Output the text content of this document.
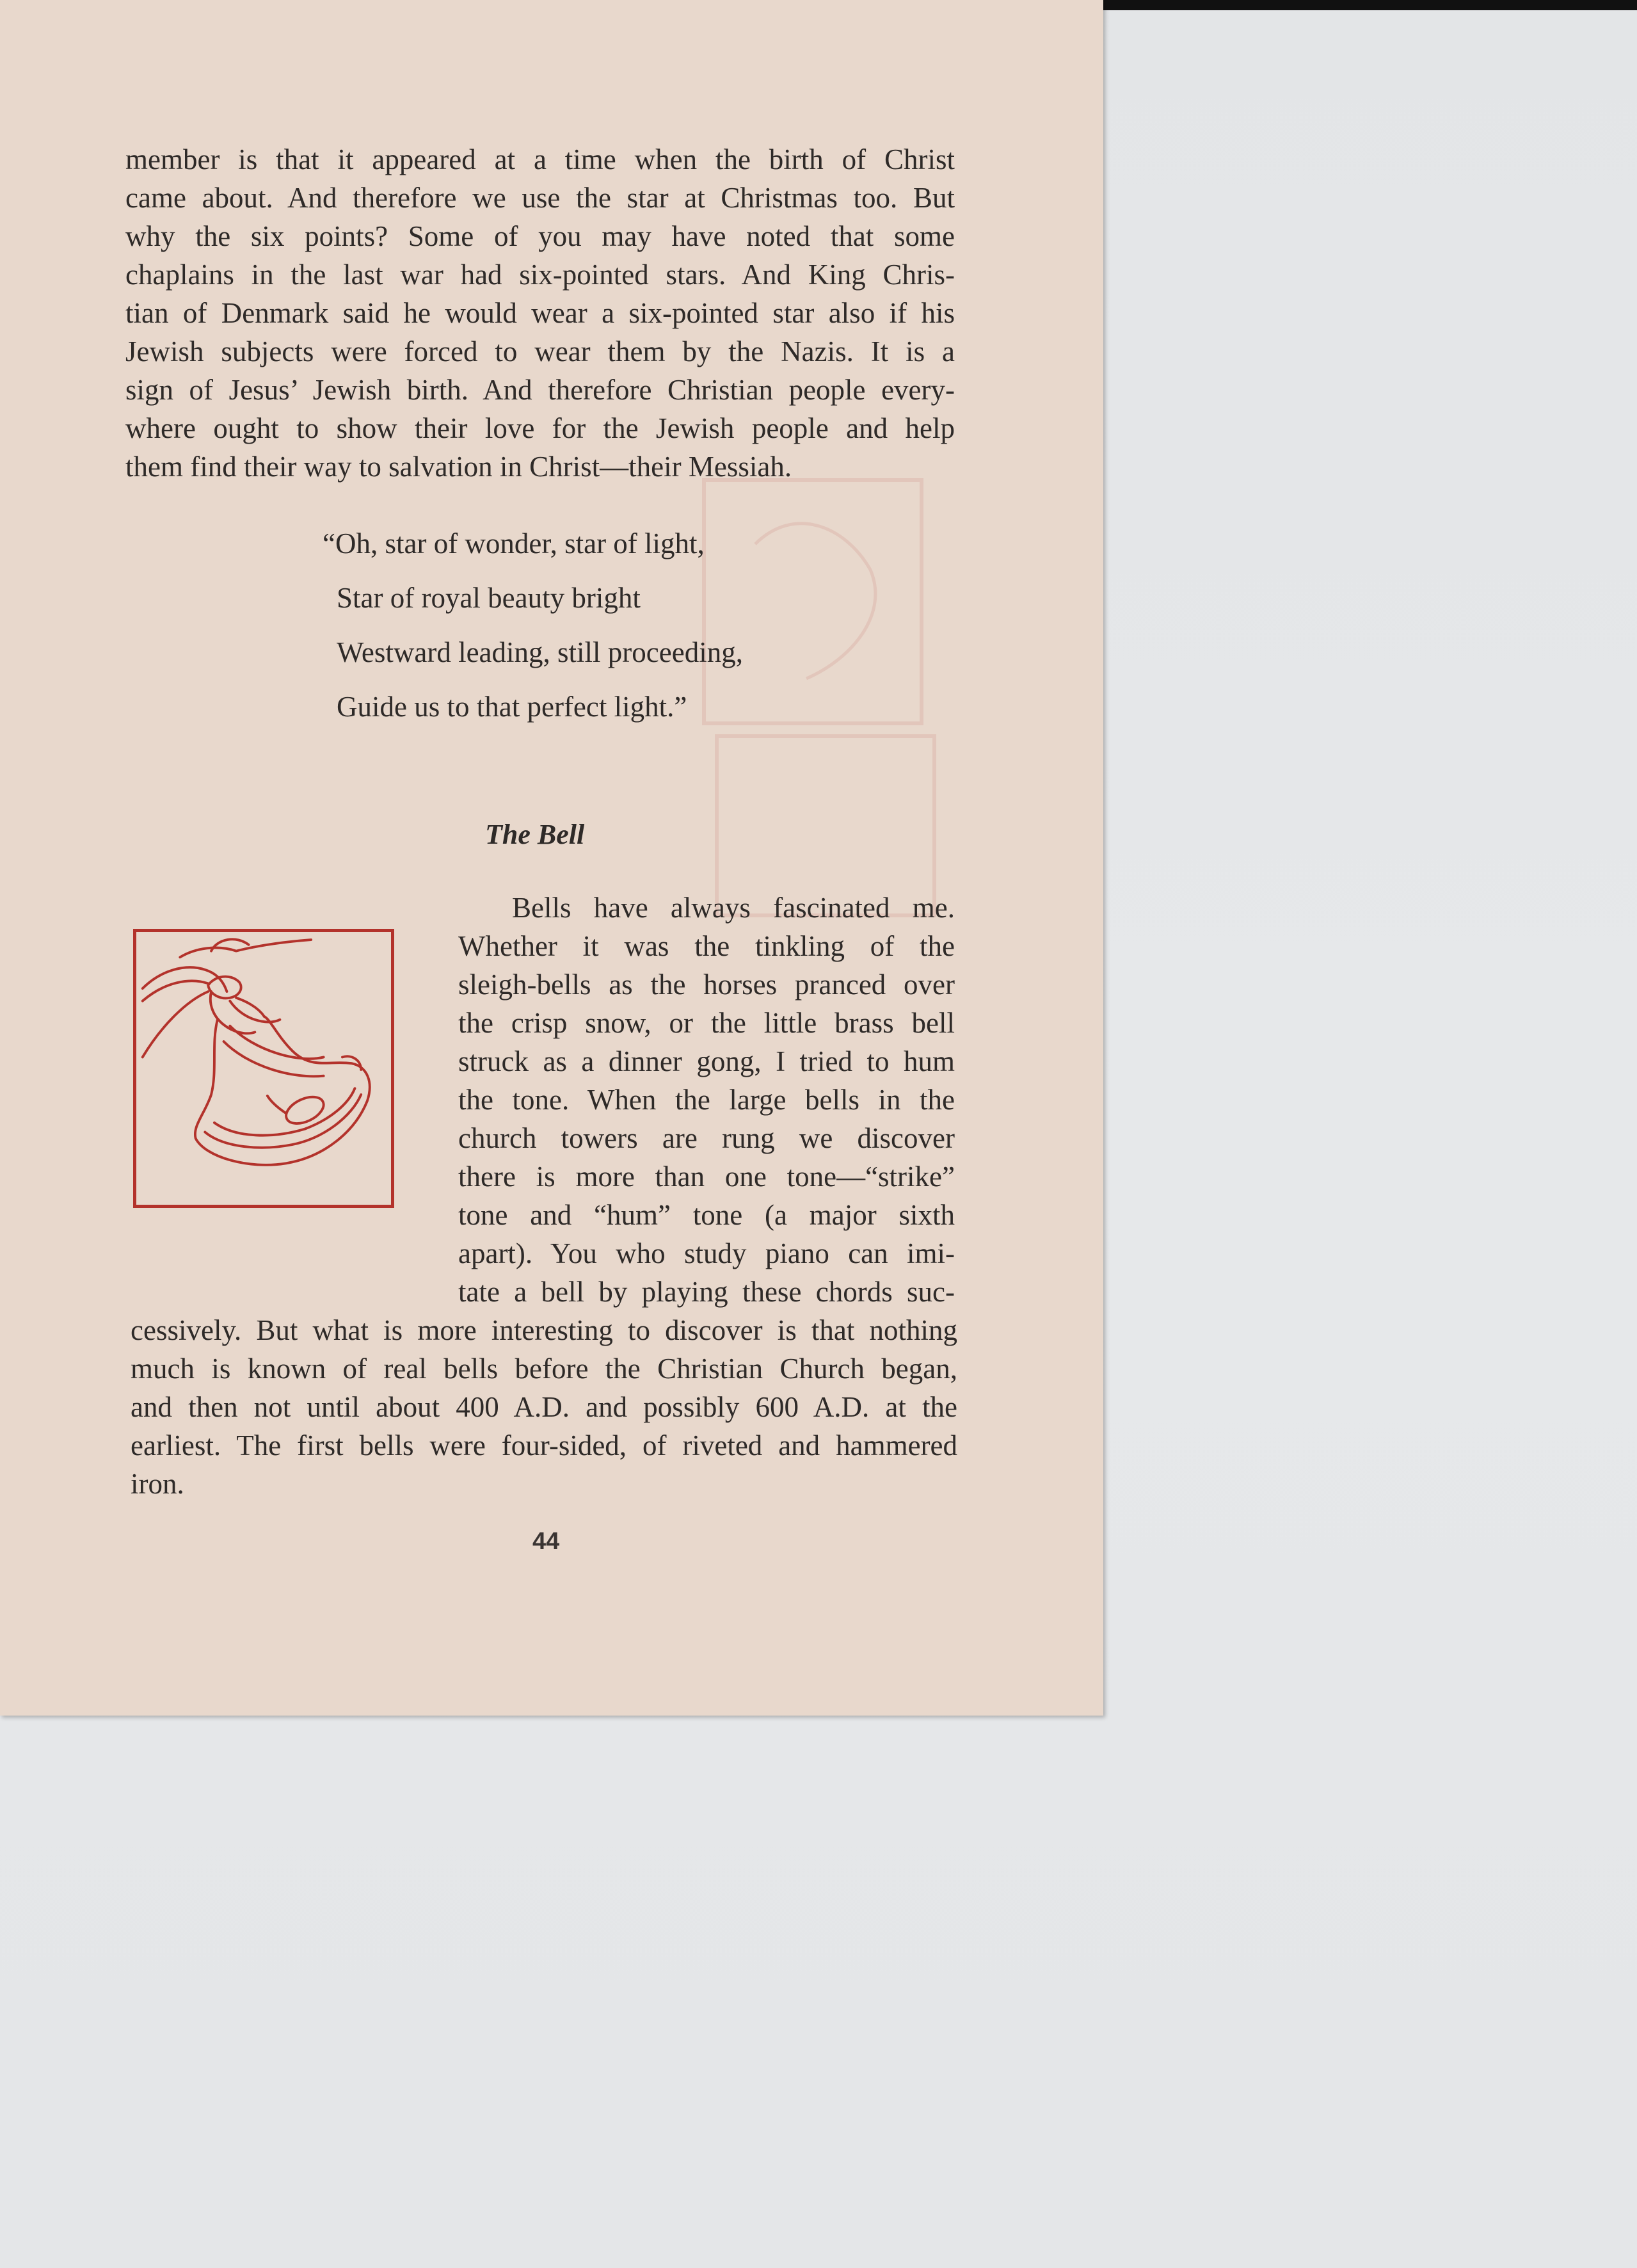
member is that it appeared at a time when the birth of Christ
came about. And therefore we use the star at Christmas too. But
why the six points? Some of you may have noted that some
chaplains in the last war had six-pointed stars. And King Chris-
tian of Denmark said he would wear a six-pointed star also if his
Jewish subjects were forced to wear them by the Nazis. It is a
sign of Jesus’ Jewish birth. And therefore Christian people every-
where ought to show their love for the Jewish people and help
them find their way to salvation in Christ—their Messiah.
“Oh, star of wonder, star of light,
Star of royal beauty bright
Westward leading, still proceeding,
Guide us to that perfect light.”
The Bell
Bells have always fascinated me.
Whether it was the tinkling of the
sleigh-bells as the horses pranced over
the crisp snow, or the little brass bell
struck as a dinner gong, I tried to hum
the tone. When the large bells in the
church towers are rung we discover
there is more than one tone—“strike”
tone and “hum” tone (a major sixth
apart). You who study piano can imi-
tate a bell by playing these chords suc-
cessively. But what is more interesting to discover is that nothing
much is known of real bells before the Christian Church began,
and then not until about 400 A.D. and possibly 600 A.D. at the
earliest. The first bells were four-sided, of riveted and hammered
iron.
44
